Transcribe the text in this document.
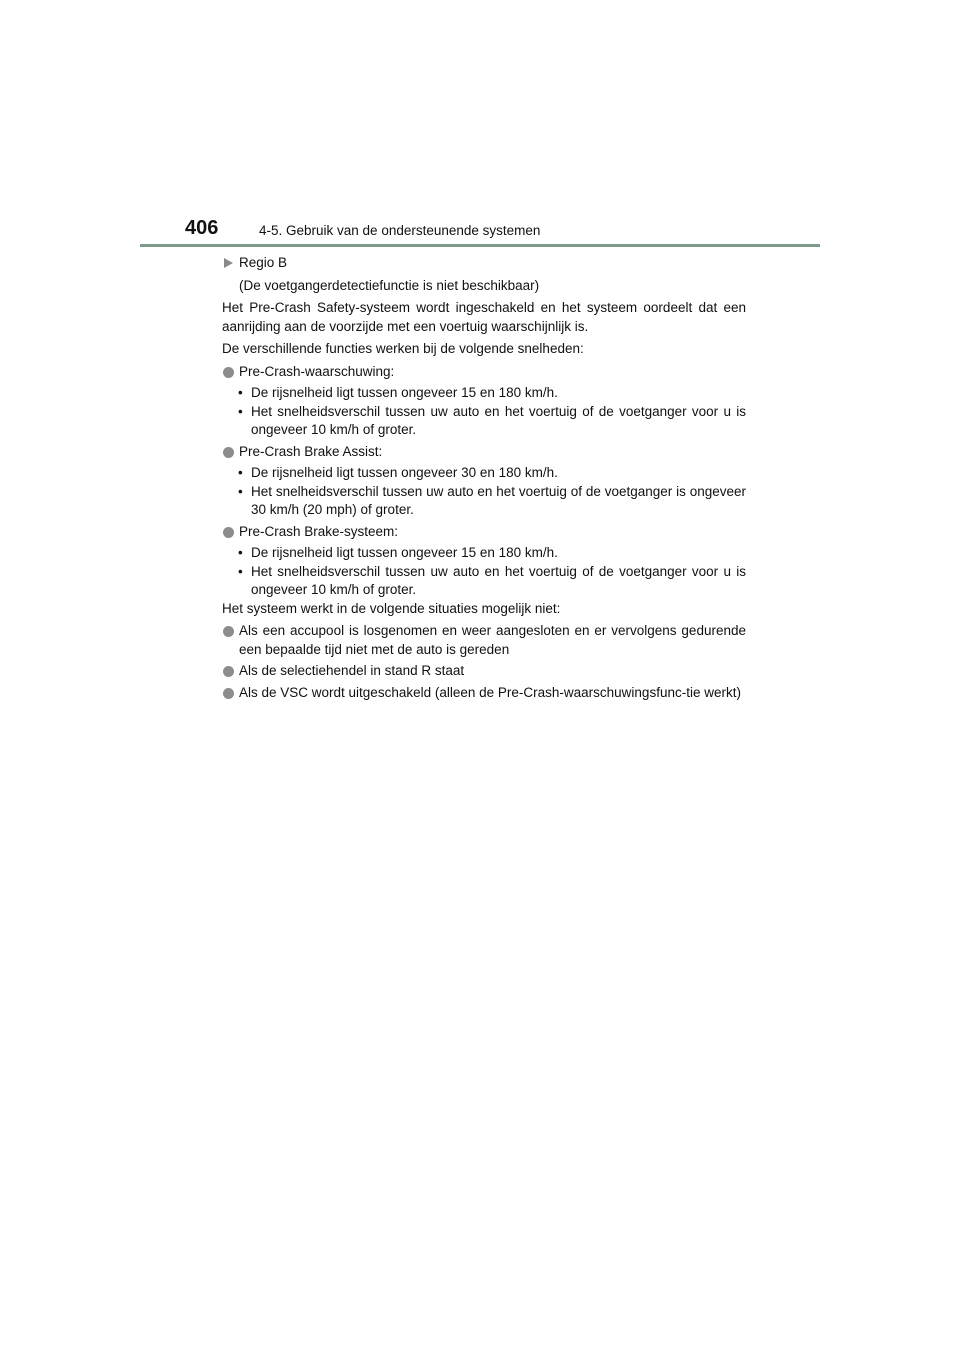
406	4-5. Gebruik van de ondersteunende systemen
Regio B
(De voetgangerdetectiefunctie is niet beschikbaar)
Het Pre-Crash Safety-systeem wordt ingeschakeld en het systeem oordeelt dat een aanrijding aan de voorzijde met een voertuig waarschijnlijk is.
De verschillende functies werken bij de volgende snelheden:
Pre-Crash-waarschuwing:
• De rijsnelheid ligt tussen ongeveer 15 en 180 km/h.
• Het snelheidsverschil tussen uw auto en het voertuig of de voetganger voor u is ongeveer 10 km/h of groter.
Pre-Crash Brake Assist:
• De rijsnelheid ligt tussen ongeveer 30 en 180 km/h.
• Het snelheidsverschil tussen uw auto en het voertuig of de voetganger is ongeveer 30 km/h (20 mph) of groter.
Pre-Crash Brake-systeem:
• De rijsnelheid ligt tussen ongeveer 15 en 180 km/h.
• Het snelheidsverschil tussen uw auto en het voertuig of de voetganger voor u is ongeveer 10 km/h of groter.
Het systeem werkt in de volgende situaties mogelijk niet:
Als een accupool is losgenomen en weer aangesloten en er vervolgens gedurende een bepaalde tijd niet met de auto is gereden
Als de selectiehendel in stand R staat
Als de VSC wordt uitgeschakeld (alleen de Pre-Crash-waarschuwingsfunc-tie werkt)
